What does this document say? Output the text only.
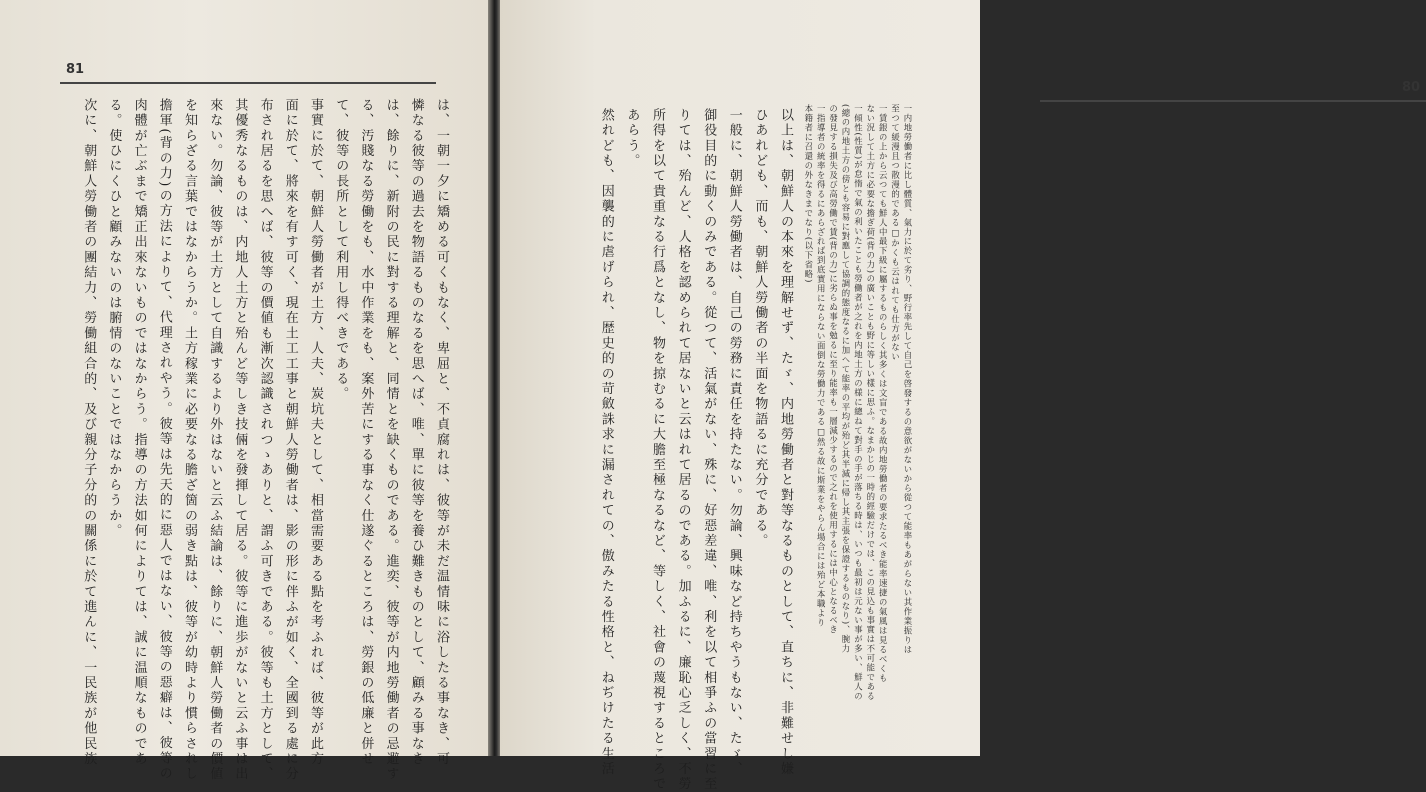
81
は、一朝一夕に矯める可くもなく、卑屈と、不貞腐れは、彼等が未だ温情味に浴したる事なき、可
憐なる彼等の過去を物語るものなるを思へば、唯、單に彼等を養ひ難きものとして、顧みる事なき
は、餘りに、新附の民に對する理解と、同情とを缺くものである。進奕、彼等が内地勞働者の忌避す
る、汚賤なる勞働をも、水中作業をも、案外苦にする事なく仕遂ぐるところは、勞銀の低廉と併せ
て、彼等の長所として利用し得べきである。
事實に於て、朝鮮人勞働者が土方、人夫、炭坑夫として、相當需要ある點を考ふれば、彼等が此方
面に於て、將來を有す可く、現在土工工事と朝鮮人勞働者は、影の形に伴ふが如く、全國到る處に分
布され居るを思へば、彼等の價値も漸次認識されつゝありと、謂ふ可きである。彼等も土方として、
其優秀なるものは、内地人土方と殆んど等しき技倆を發揮して居る。彼等に進歩がないと云ふ事は出
來ない。勿論、彼等が土方として自識するより外はないと云ふ結論は、餘りに、朝鮮人勞働者の價値
を知らざる言葉ではなからうか。土方稼業に必要なる膽ざ箇の弱き點は、彼等が幼時より慣らされし
擔軍(背の力)の方法によりて、代理されやう。彼等は先天的に惡人ではない、彼等の惡癖は、彼等の
肉體が亡ぶまで矯正出來ないものではなからう。指導の方法如何によりては、誠に温順なものであ
る。使ひにくひと顧みないのは腑情のないことではなからうか。
次に、朝鮮人勞働者の團結力、勞働組合的、及び親分子分的の關係に於て進んに、一民族が他民族
80
一内地勞働者に比し體質、氣力に於て劣り、野行率先して自己を啓發するの意欲がないから從つて能率もあがらない其作業振りは
至つて緩漫且つ散漫的である□かくも云はれても仕方がない
一賃銀の上から云つても鮮人中最下級に屬するものらしく其多くは文盲である故内地勞働者の要求たるべき能率速捷の氣風は見るべくも
ない況して土方に必要な擔ぎ荷(背の力)の廣いことも野に等しい樣に思ふ。なまかじの一時的經驗だけでは、この見込も事實は不可能である
一傾性(性質)が怠惰で氣の利いたことも勞働者が之れを内地土方の様に總ねて對手の手が落ちる時は、いつも最初は元ない事が多い、鮮人の
(總の内地土方の傍とも容易に對應して協調的態度なるに加へて能率の平均が殆ど其半減に帰し其主張を保證するものなり)、腕力
の發見する損失及び高勞働で賃(背の力)に劣らぬ事を勉るに至り能率も一層減少するので之れを使用するには中心となるべき
一指導者の統率を得るにあらざれば到底實用にならない面倒な勞働力である□然る故に斯業をやらん場合には殆ど本職より
本籍者に召還の外なきまでなり(以下省略)
以上は、朝鮮人の本來を理解せず、たゞ、内地勞働者と對等なるものとして、直ちに、非難せし嫌
ひあれども、而も、朝鮮人勞働者の半面を物語るに充分である。
一般に、朝鮮人勞働者は、自己の勞務に責任を持たない。勿論、興味など持ちやうもない、たゞ、
御役目的に動くのみである。從つて、活氣がない、殊に、好惡差違、唯、利を以て相爭ふの當習に至
りては、殆んど、人格を認められて居ないと云はれて居るのである。加ふるに、廉恥心乏しく、不勞
所得を以て貴重なる行爲となし、物を掠むるに大膽至極なるなど、等しく、社會の蔑視するところで
あらう。
然れども、因襲的に虐げられ、歴史的の苛斂誅求に漏されての、傲みたる性格と、ねぢけたる生活
